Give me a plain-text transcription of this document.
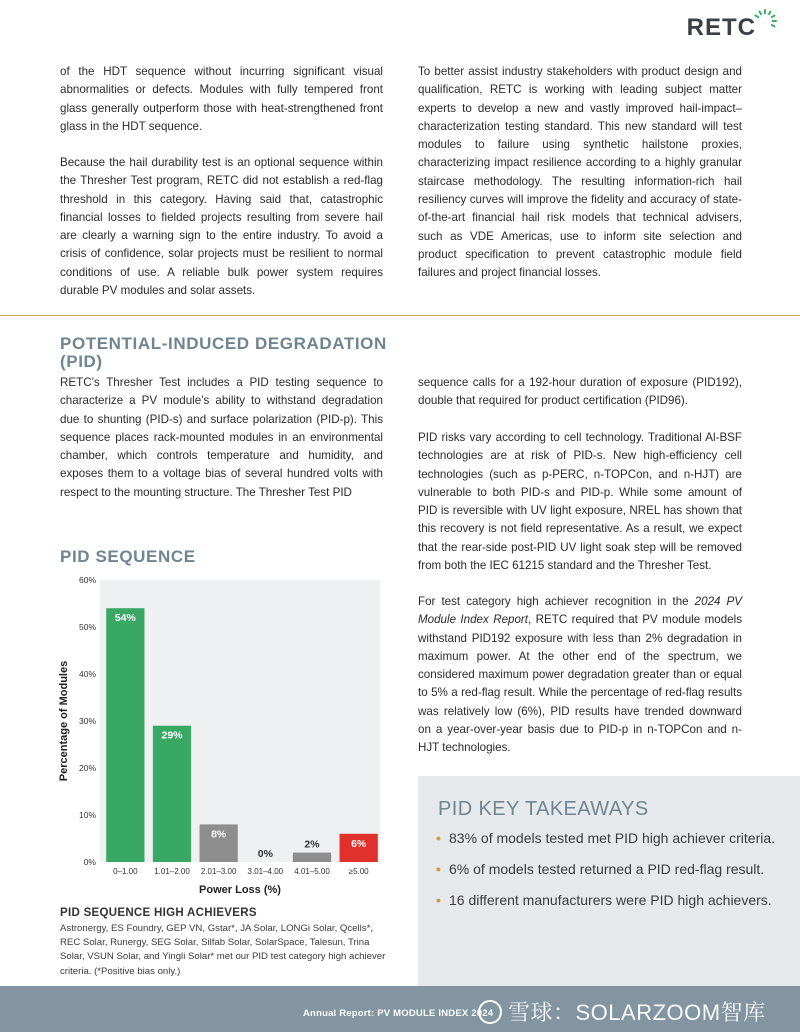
RETC

of the HDT sequence without incurring significant visual abnormalities or defects. Modules with fully tempered front glass generally outperform those with heat-strengthened front glass in the HDT sequence.

Because the hail durability test is an optional sequence within the Thresher Test program, RETC did not establish a red-flag threshold in this category. Having said that, catastrophic financial losses to fielded projects resulting from severe hail are clearly a warning sign to the entire industry. To avoid a crisis of confidence, solar projects must be resilient to normal conditions of use. A reliable bulk power system requires durable PV modules and solar assets.

To better assist industry stakeholders with product design and qualification, RETC is working with leading subject matter experts to develop a new and vastly improved hail-impact–characterization testing standard. This new standard will test modules to failure using synthetic hailstone proxies, characterizing impact resilience according to a highly granular staircase methodology. The resulting information-rich hail resiliency curves will improve the fidelity and accuracy of state-of-the-art financial hail risk models that technical advisers, such as VDE Americas, use to inform site selection and product specification to prevent catastrophic module field failures and project financial losses.

POTENTIAL-INDUCED DEGRADATION (PID)

RETC’s Thresher Test includes a PID testing sequence to characterize a PV module’s ability to withstand degradation due to shunting (PID-s) and surface polarization (PID-p). This sequence places rack-mounted modules in an environmental chamber, which controls temperature and humidity, and exposes them to a voltage bias of several hundred volts with respect to the mounting structure. The Thresher Test PID

sequence calls for a 192-hour duration of exposure (PID192), double that required for product certification (PID96).

PID risks vary according to cell technology. Traditional Al-BSF technologies are at risk of PID-s. New high-efficiency cell technologies (such as p-PERC, n-TOPCon, and n-HJT) are vulnerable to both PID-s and PID-p. While some amount of PID is reversible with UV light exposure, NREL has shown that this recovery is not field representative. As a result, we expect that the rear-side post-PID UV light soak step will be removed from both the IEC 61215 standard and the Thresher Test.

For test category high achiever recognition in the 2024 PV Module Index Report, RETC required that PV module models withstand PID192 exposure with less than 2% degradation in maximum power. At the other end of the spectrum, we considered maximum power degradation greater than or equal to 5% a red-flag result. While the percentage of red-flag results was relatively low (6%), PID results have trended downward on a year-over-year basis due to PID-p in n-TOPCon and n-HJT technologies.

PID SEQUENCE
0%
10%
20%
30%
40%
50%
60%
54%
0–1.00
29%
1.01–2.00
8%
2.01–3.00
0%
3.01–4.00
2%
4.01–5.00
6%
≥5.00
Power Loss (%)
Percentage of Modules
PID SEQUENCE HIGH ACHIEVERS

Astronergy, ES Foundry, GEP VN, Gstar*, JA Solar, LONGi Solar, Qcells*, REC Solar, Runergy, SEG Solar, Silfab Solar, SolarSpace, Talesun, Trina Solar, VSUN Solar, and Yingli Solar* met our PID test category high achiever criteria. (*Positive bias only.)

PID KEY TAKEAWAYS
• 83% of models tested met PID high achiever criteria.
• 6% of models tested returned a PID red-flag result.
• 16 different manufacturers were PID high achievers.
Annual Report: PV MODULE INDEX 2024 雪球：SOLARZOOM智库
